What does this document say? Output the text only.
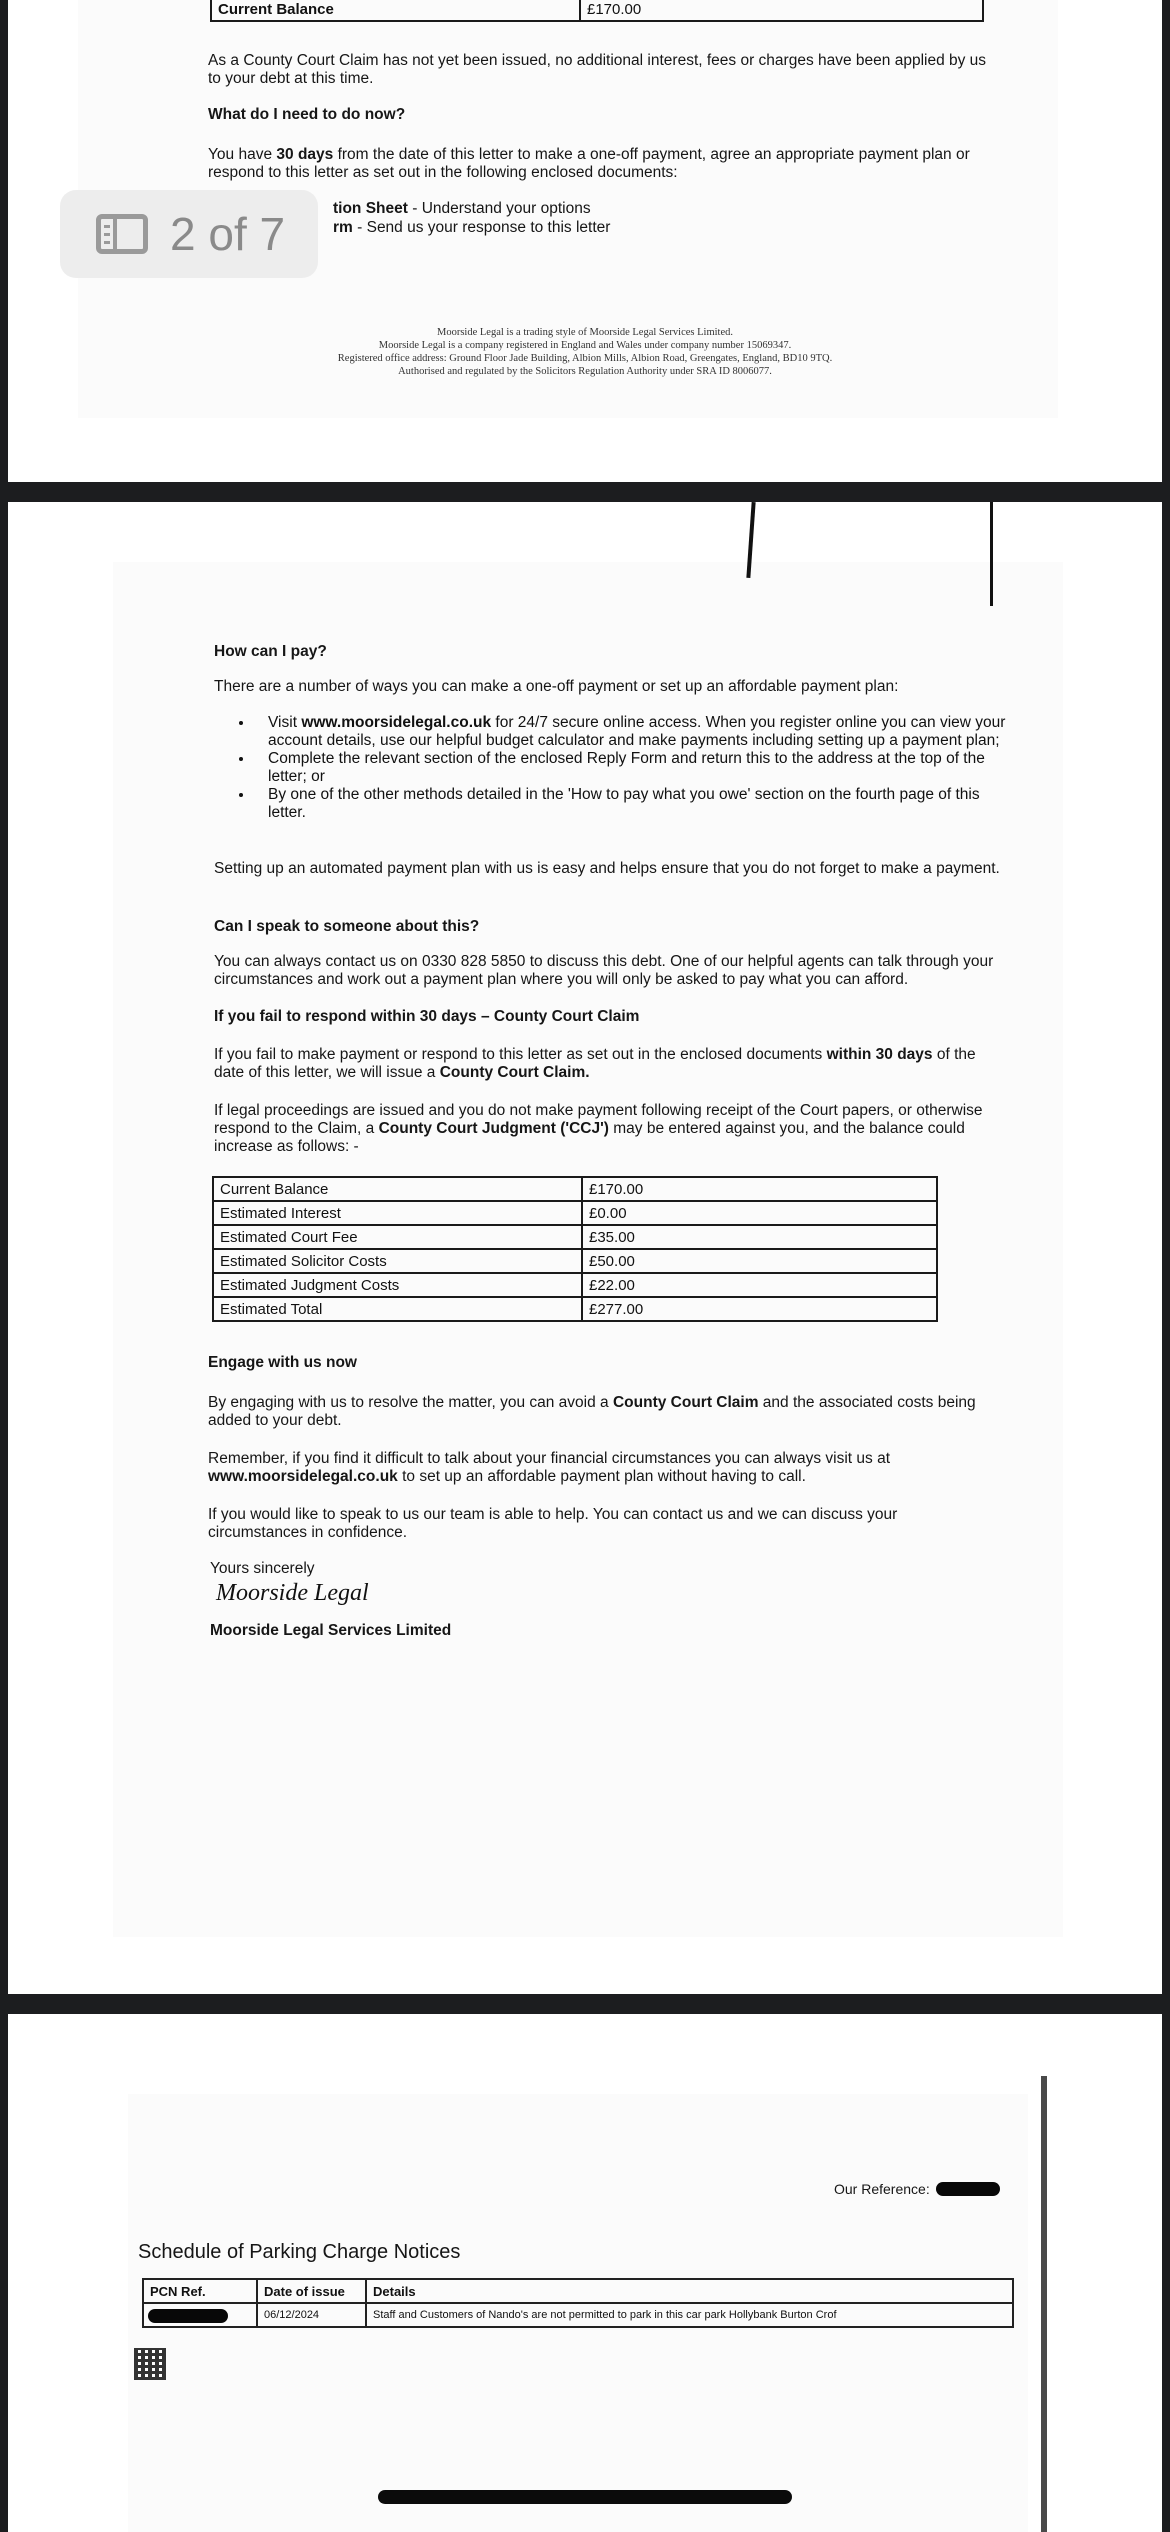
Current Balance	£170.00
As a County Court Claim has not yet been issued, no additional interest, fees or charges have been applied by us to your debt at this time.
What do I need to do now?
You have 30 days from the date of this letter to make a one-off payment, agree an appropriate payment plan or respond to this letter as set out in the following enclosed documents:
tion Sheet - Understand your options
rm - Send us your response to this letter
Moorside Legal is a trading style of Moorside Legal Services Limited.
Moorside Legal is a company registered in England and Wales under company number 15069347.
Registered office address: Ground Floor Jade Building, Albion Mills, Albion Road, Greengates, England, BD10 9TQ.
Authorised and regulated by the Solicitors Regulation Authority under SRA ID 8006077.
2 of 7
How can I pay?
There are a number of ways you can make a one-off payment or set up an affordable payment plan:
• Visit www.moorsidelegal.co.uk for 24/7 secure online access. When you register online you can view your account details, use our helpful budget calculator and make payments including setting up a payment plan;
• Complete the relevant section of the enclosed Reply Form and return this to the address at the top of the letter; or
• By one of the other methods detailed in the 'How to pay what you owe' section on the fourth page of this letter.
Setting up an automated payment plan with us is easy and helps ensure that you do not forget to make a payment.
Can I speak to someone about this?
You can always contact us on 0330 828 5850 to discuss this debt. One of our helpful agents can talk through your circumstances and work out a payment plan where you will only be asked to pay what you can afford.
If you fail to respond within 30 days – County Court Claim
If you fail to make payment or respond to this letter as set out in the enclosed documents within 30 days of the date of this letter, we will issue a County Court Claim.
If legal proceedings are issued and you do not make payment following receipt of the Court papers, or otherwise respond to the Claim, a County Court Judgment ('CCJ') may be entered against you, and the balance could increase as follows: -
Current Balance	£170.00
Estimated Interest	£0.00
Estimated Court Fee	£35.00
Estimated Solicitor Costs	£50.00
Estimated Judgment Costs	£22.00
Estimated Total	£277.00
Engage with us now
By engaging with us to resolve the matter, you can avoid a County Court Claim and the associated costs being added to your debt.
Remember, if you find it difficult to talk about your financial circumstances you can always visit us at www.moorsidelegal.co.uk to set up an affordable payment plan without having to call.
If you would like to speak to us our team is able to help. You can contact us and we can discuss your circumstances in confidence.
Yours sincerely
Moorside Legal
Moorside Legal Services Limited
Our Reference:
Schedule of Parking Charge Notices
PCN Ref.	Date of issue	Details

	06/12/2024	Staff and Customers of Nando's are not permitted to park in this car park Hollybank Burton Crof
